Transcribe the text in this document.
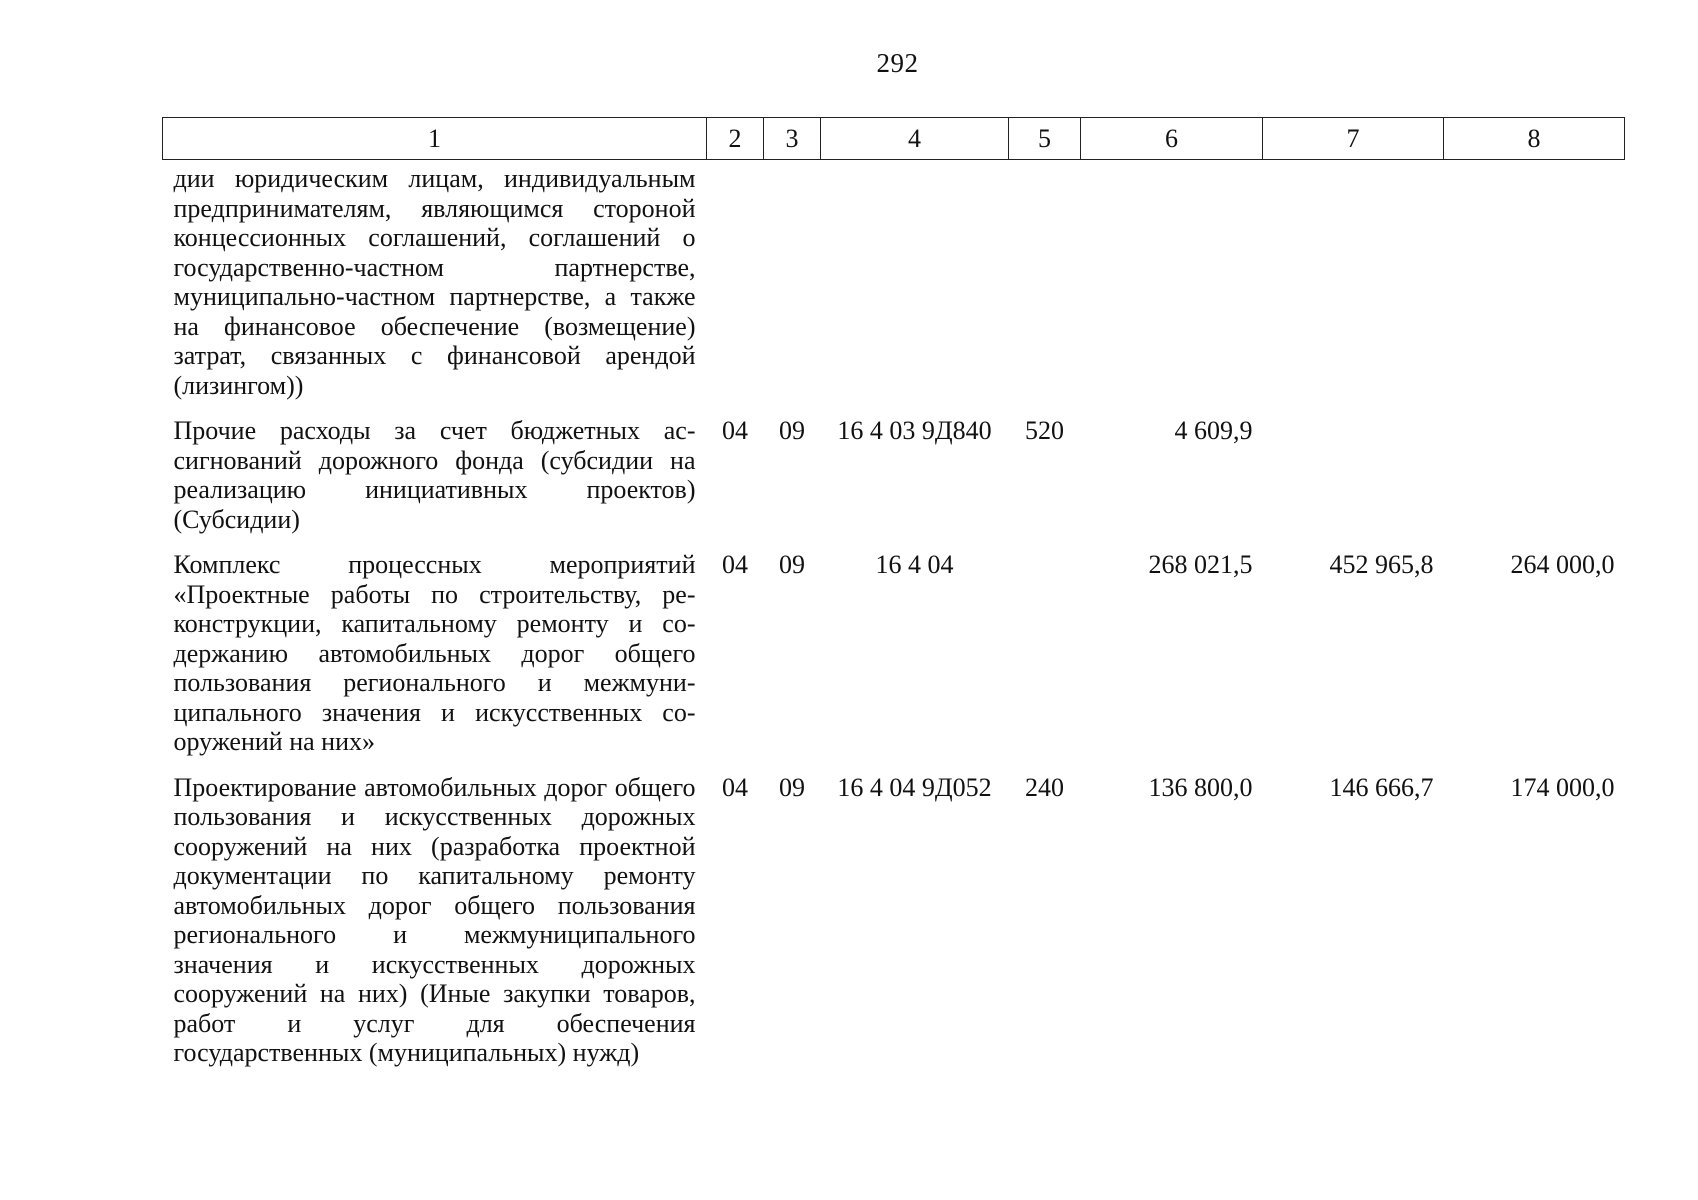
292
1	2	3	4	5	6	7	8
дии юридическим лицам, индивидуальным предпринимателям, являющимся стороной концессионных соглашений, соглашений о государственно-частном партнерстве, муниципально-частном партнерстве, а также на финансовое обеспечение (возмещение) затрат, связанных с финансовой арендой (лизингом))							
Прочие расходы за счет бюджетных ассигнований дорожного фонда (субсидии на реализацию инициативных проектов) (Субсидии)	04	09	16 4 03 9Д840	520	4 609,9		
Комплекс процессных мероприятий «Проектные работы по строительству, реконструкции, капитальному ремонту и содержанию автомобильных дорог общего пользования регионального и межмуниципального значения и искусственных сооружений на них»	04	09	16 4 04		268 021,5	452 965,8	264 000,0
Проектирование автомобильных дорог общего пользования и искусственных дорожных сооружений на них (разработка проектной документации по капитальному ремонту автомобильных дорог общего пользования регионального и межмуниципального значения и искусственных дорожных сооружений на них) (Иные закупки товаров, работ и услуг для обеспечения государственных (муниципальных) нужд)	04	09	16 4 04 9Д052	240	136 800,0	146 666,7	174 000,0
